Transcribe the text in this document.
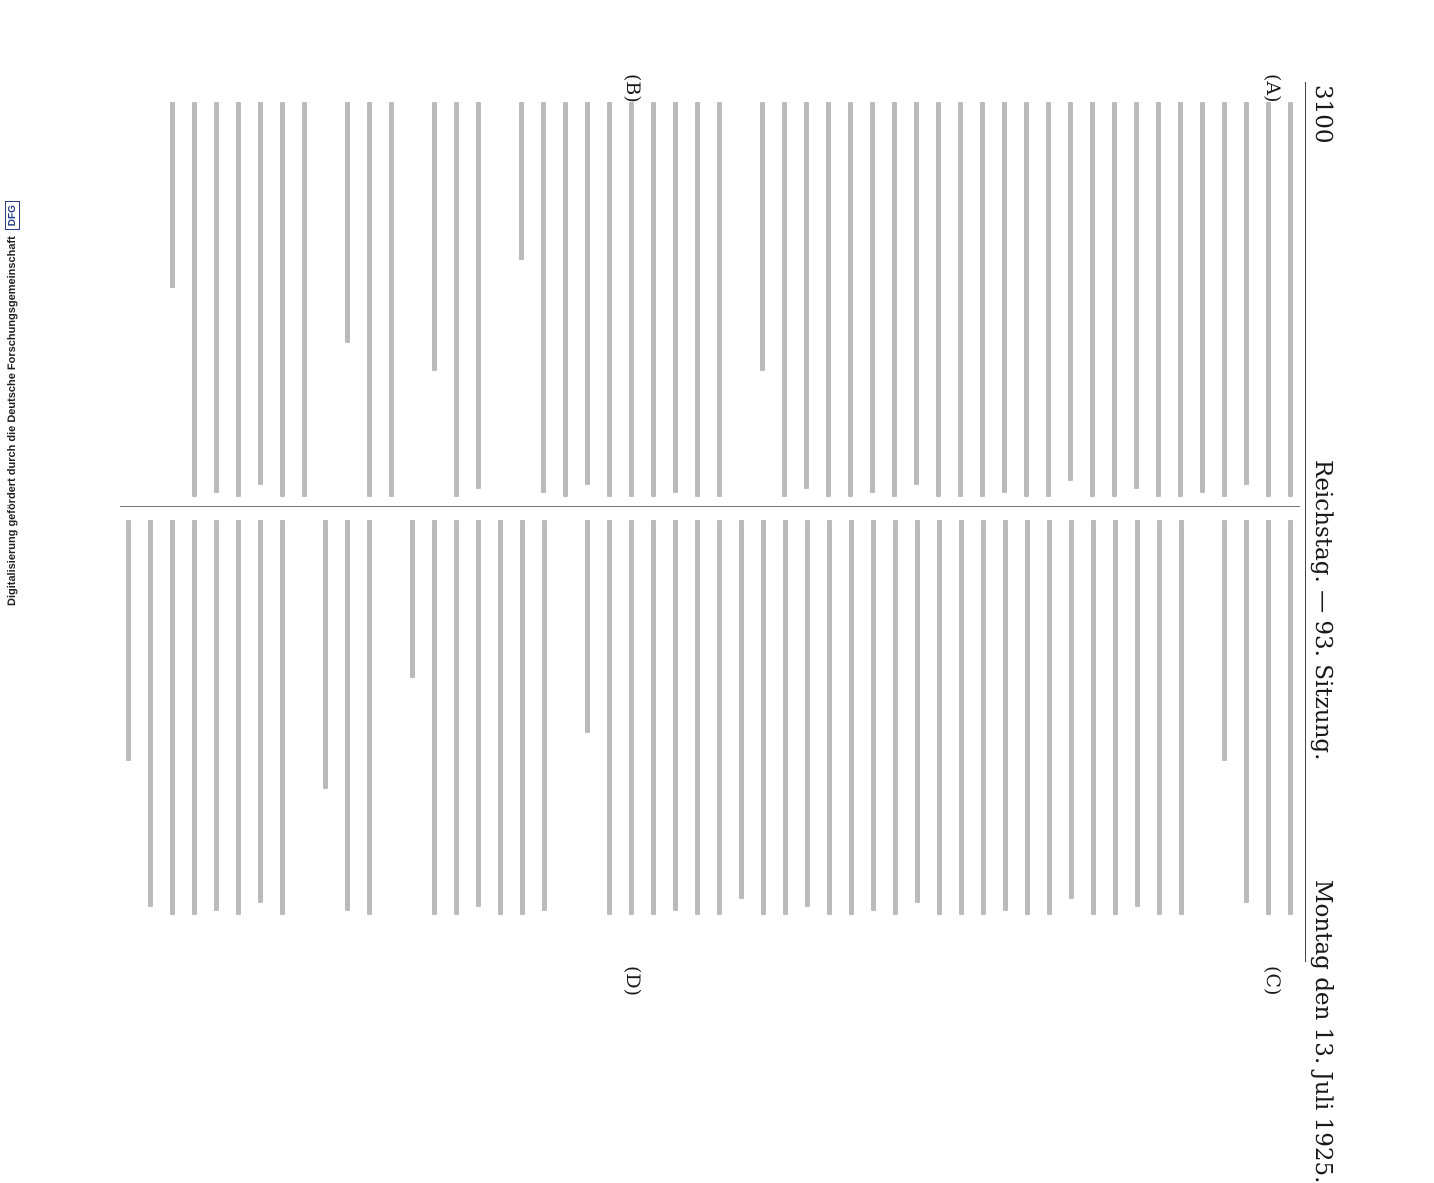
3100
Reichstag. — 93. Sitzung.
Montag den 13. Juli 1925.
(A)
(B)
(C)
(D)
Digitalisierung gefördert durch die Deutsche Forschungsgemeinschaft
DFG
